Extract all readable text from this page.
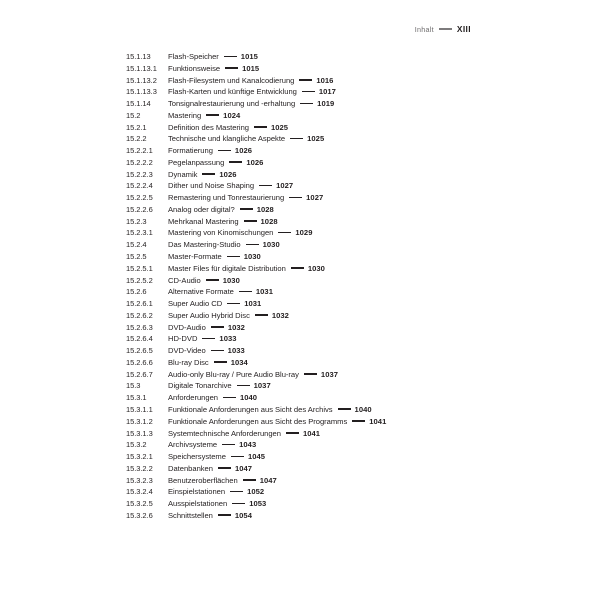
Inhalt	XIII
15.1.13	Flash-Speicher	1015
15.1.13.1	Funktionsweise	1015
15.1.13.2	Flash-Filesystem und Kanalcodierung	1016
15.1.13.3	Flash-Karten und künftige Entwicklung	1017
15.1.14	Tonsignalrestaurierung und -erhaltung	1019
15.2	Mastering	1024
15.2.1	Definition des Mastering	1025
15.2.2	Technische und klangliche Aspekte	1025
15.2.2.1	Formatierung	1026
15.2.2.2	Pegelanpassung	1026
15.2.2.3	Dynamik	1026
15.2.2.4	Dither und Noise Shaping	1027
15.2.2.5	Remastering und Tonrestaurierung	1027
15.2.2.6	Analog oder digital?	1028
15.2.3	Mehrkanal Mastering	1028
15.2.3.1	Mastering von Kinomischungen	1029
15.2.4	Das Mastering-Studio	1030
15.2.5	Master-Formate	1030
15.2.5.1	Master Files für digitale Distribution	1030
15.2.5.2	CD-Audio	1030
15.2.6	Alternative Formate	1031
15.2.6.1	Super Audio CD	1031
15.2.6.2	Super Audio Hybrid Disc	1032
15.2.6.3	DVD-Audio	1032
15.2.6.4	HD-DVD	1033
15.2.6.5	DVD-Video	1033
15.2.6.6	Blu-ray Disc	1034
15.2.6.7	Audio-only Blu-ray / Pure Audio Blu-ray	1037
15.3	Digitale Tonarchive	1037
15.3.1	Anforderungen	1040
15.3.1.1	Funktionale Anforderungen aus Sicht des Archivs	1040
15.3.1.2	Funktionale Anforderungen aus Sicht des Programms	1041
15.3.1.3	Systemtechnische Anforderungen	1041
15.3.2	Archivsysteme	1043
15.3.2.1	Speichersysteme	1045
15.3.2.2	Datenbanken	1047
15.3.2.3	Benutzeroberflächen	1047
15.3.2.4	Einspielstationen	1052
15.3.2.5	Ausspielstationen	1053
15.3.2.6	Schnittstellen	1054
